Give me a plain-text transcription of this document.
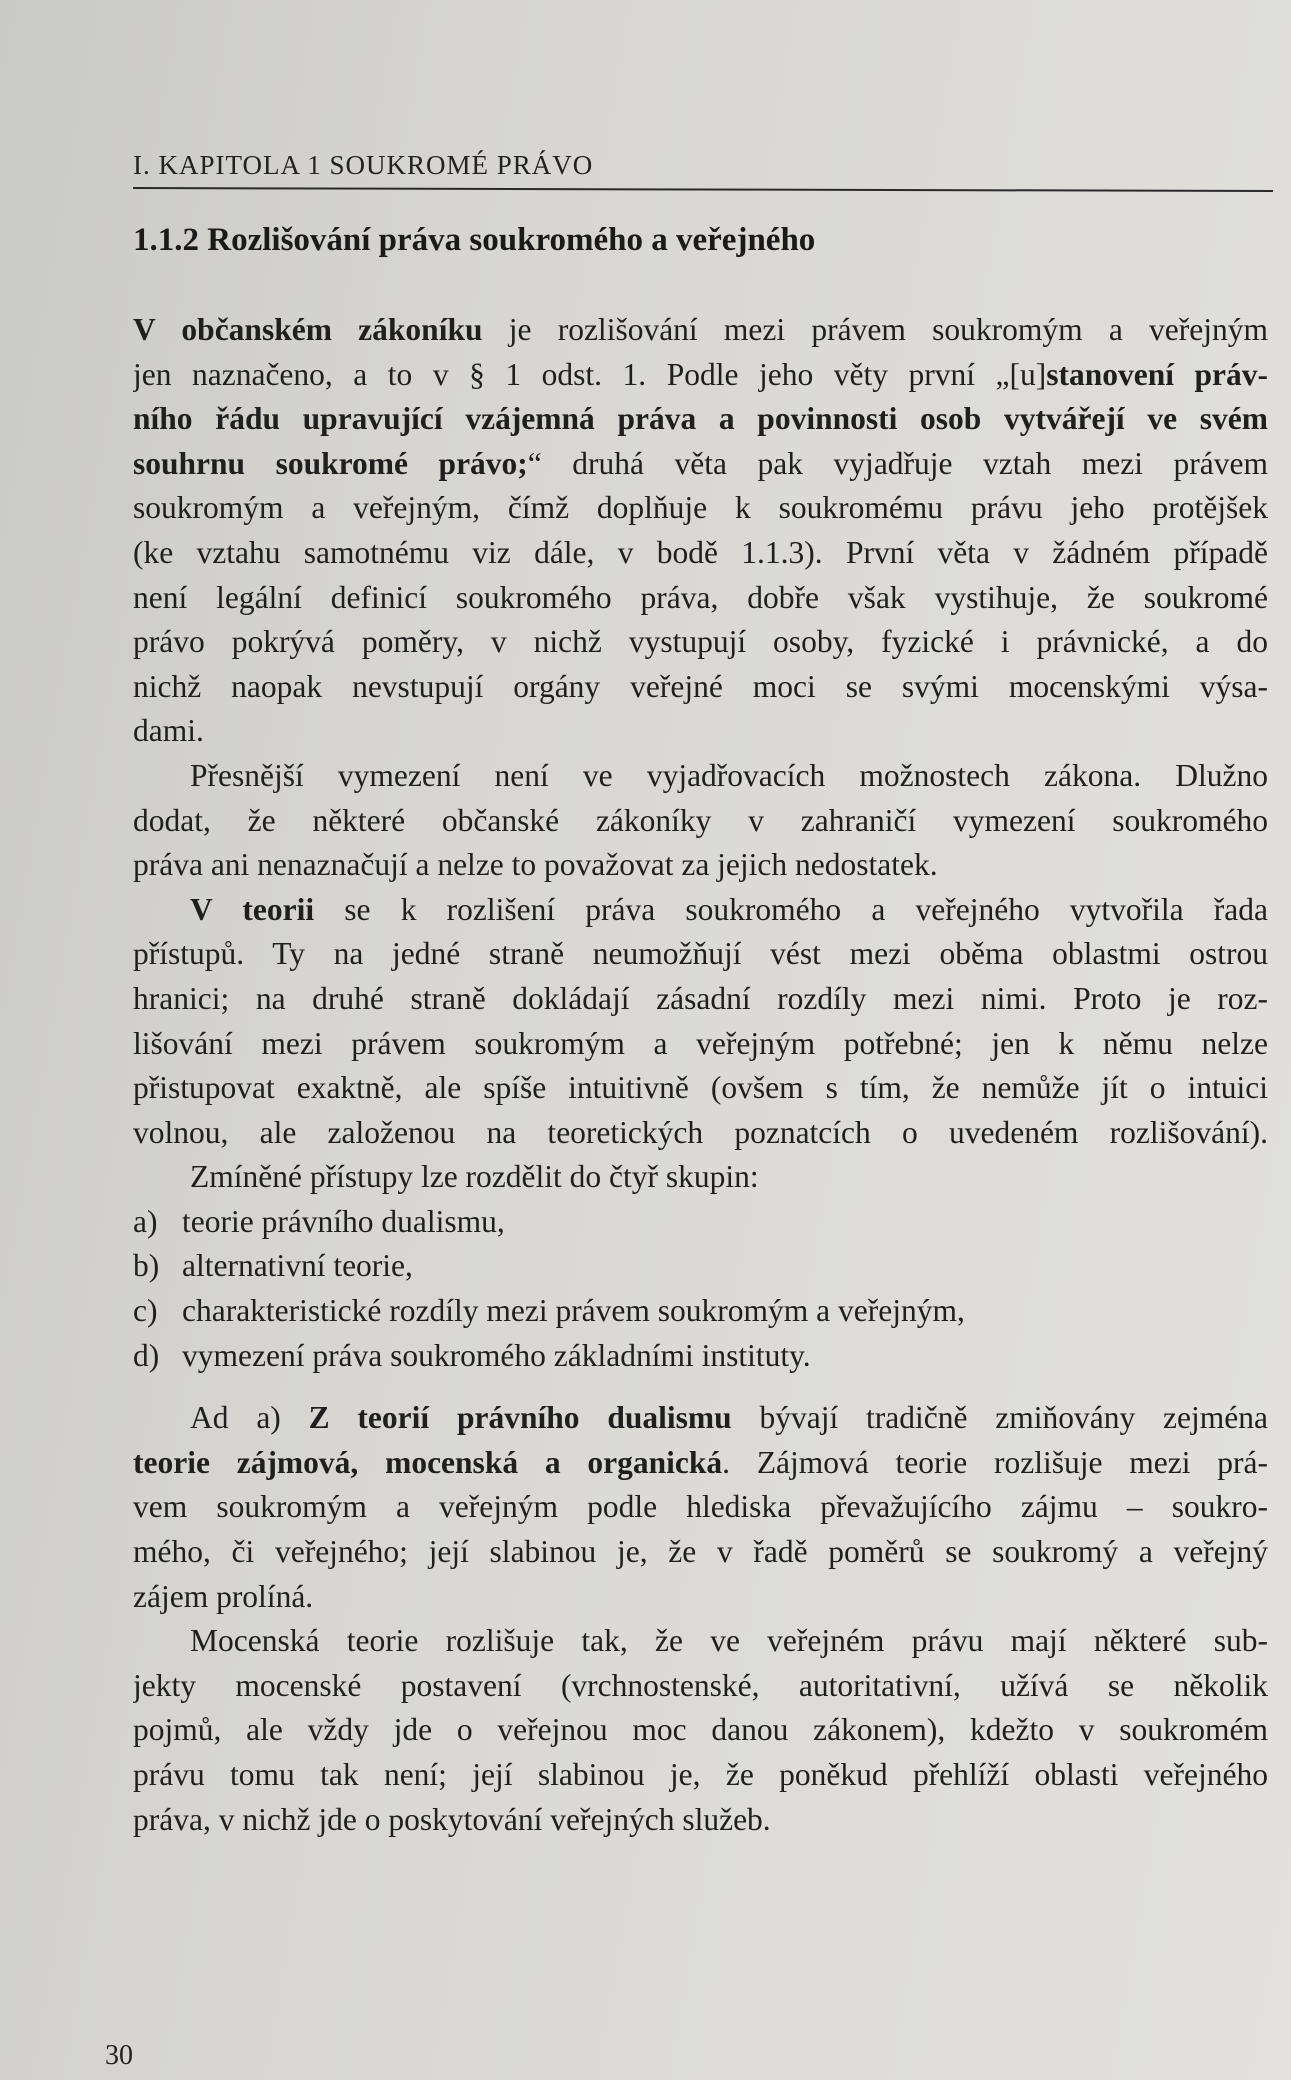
I. KAPITOLA 1 SOUKROMÉ PRÁVO
1.1.2 Rozlišování práva soukromého a veřejného
V občanském zákoníku je rozlišování mezi právem soukromým a veřejným
jen naznačeno, a to v § 1 odst. 1. Podle jeho věty první „[u]stanovení práv-
ního řádu upravující vzájemná práva a povinnosti osob vytvářejí ve svém
souhrnu soukromé právo;“ druhá věta pak vyjadřuje vztah mezi právem
soukromým a veřejným, čímž doplňuje k soukromému právu jeho protějšek
(ke vztahu samotnému viz dále, v bodě 1.1.3). První věta v žádném případě
není legální definicí soukromého práva, dobře však vystihuje, že soukromé
právo pokrývá poměry, v nichž vystupují osoby, fyzické i právnické, a do
nichž naopak nevstupují orgány veřejné moci se svými mocenskými výsa-
dami.
Přesnější vymezení není ve vyjadřovacích možnostech zákona. Dlužno
dodat, že některé občanské zákoníky v zahraničí vymezení soukromého
práva ani nenaznačují a nelze to považovat za jejich nedostatek.
V teorii se k rozlišení práva soukromého a veřejného vytvořila řada
přístupů. Ty na jedné straně neumožňují vést mezi oběma oblastmi ostrou
hranici; na druhé straně dokládají zásadní rozdíly mezi nimi. Proto je roz-
lišování mezi právem soukromým a veřejným potřebné; jen k němu nelze
přistupovat exaktně, ale spíše intuitivně (ovšem s tím, že nemůže jít o intuici
volnou, ale založenou na teoretických poznatcích o uvedeném rozlišování).
Zmíněné přístupy lze rozdělit do čtyř skupin:
a) teorie právního dualismu,
b) alternativní teorie,
c) charakteristické rozdíly mezi právem soukromým a veřejným,
d) vymezení práva soukromého základními instituty.
Ad a) Z teorií právního dualismu bývají tradičně zmiňovány zejména
teorie zájmová, mocenská a organická. Zájmová teorie rozlišuje mezi prá-
vem soukromým a veřejným podle hlediska převažujícího zájmu – soukro-
mého, či veřejného; její slabinou je, že v řadě poměrů se soukromý a veřejný
zájem prolíná.
Mocenská teorie rozlišuje tak, že ve veřejném právu mají některé sub-
jekty mocenské postavení (vrchnostenské, autoritativní, užívá se několik
pojmů, ale vždy jde o veřejnou moc danou zákonem), kdežto v soukromém
právu tomu tak není; její slabinou je, že poněkud přehlíží oblasti veřejného
práva, v nichž jde o poskytování veřejných služeb.
30
